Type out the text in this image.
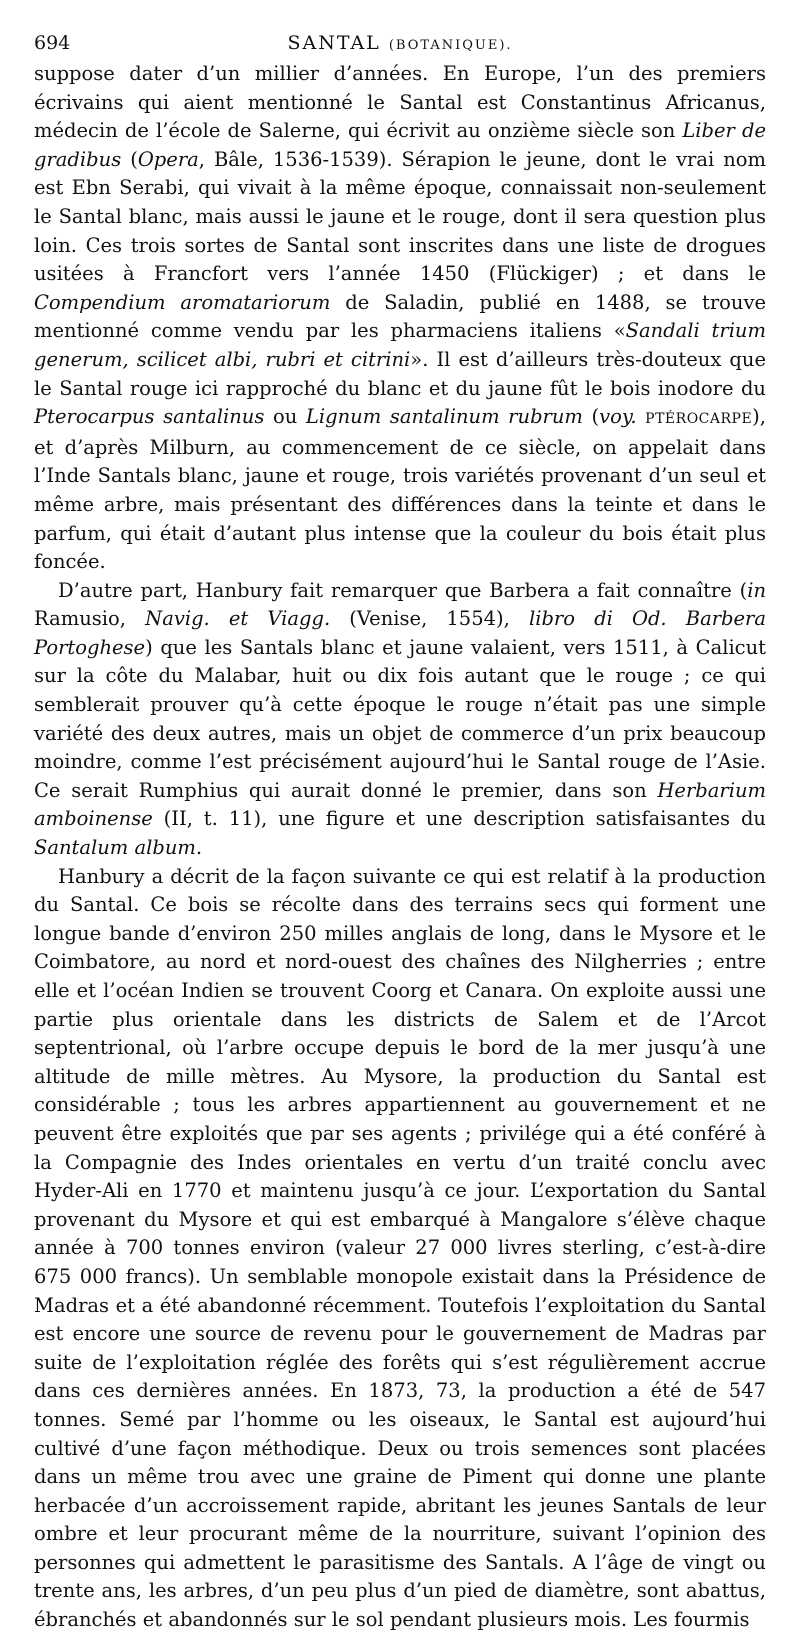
694	SANTAL (BOTANIQUE).

suppose dater d’un millier d’années. En Europe, l’un des premiers écrivains qui aient mentionné le Santal est Constantinus Africanus, médecin de l’école de Salerne, qui écrivit au onzième siècle son Liber de gradibus (Opera, Bâle, 1536-1539). Sérapion le jeune, dont le vrai nom est Ebn Serabi, qui vivait à la même époque, connaissait non-seulement le Santal blanc, mais aussi le jaune et le rouge, dont il sera question plus loin. Ces trois sortes de Santal sont inscrites dans une liste de drogues usitées à Francfort vers l’année 1450 (Flückiger) ; et dans le Compendium aromatariorum de Saladin, publié en 1488, se trouve mentionné comme vendu par les pharmaciens italiens «Sandali trium generum, scilicet albi, rubri et citrini». Il est d’ailleurs très-douteux que le Santal rouge ici rapproché du blanc et du jaune fût le bois inodore du Pterocarpus santalinus ou Lignum santalinum rubrum (voy. PTÉROCARPE), et d’après Milburn, au commencement de ce siècle, on appelait dans l’Inde Santals blanc, jaune et rouge, trois variétés provenant d’un seul et même arbre, mais présentant des différences dans la teinte et dans le parfum, qui était d’autant plus intense que la couleur du bois était plus foncée.

D’autre part, Hanbury fait remarquer que Barbera a fait connaître (in Ramusio, Navig. et Viagg. (Venise, 1554), libro di Od. Barbera Portoghese) que les Santals blanc et jaune valaient, vers 1511, à Calicut sur la côte du Malabar, huit ou dix fois autant que le rouge ; ce qui semblerait prouver qu’à cette époque le rouge n’était pas une simple variété des deux autres, mais un objet de commerce d’un prix beaucoup moindre, comme l’est précisément aujourd’hui le Santal rouge de l’Asie. Ce serait Rumphius qui aurait donné le premier, dans son Herbarium amboinense (II, t. 11), une figure et une description satisfaisantes du Santalum album.

Hanbury a décrit de la façon suivante ce qui est relatif à la production du Santal. Ce bois se récolte dans des terrains secs qui forment une longue bande d’environ 250 milles anglais de long, dans le Mysore et le Coimbatore, au nord et nord-ouest des chaînes des Nilgherries ; entre elle et l’océan Indien se trouvent Coorg et Canara. On exploite aussi une partie plus orientale dans les districts de Salem et de l’Arcot septentrional, où l’arbre occupe depuis le bord de la mer jusqu’à une altitude de mille mètres. Au Mysore, la production du Santal est considérable ; tous les arbres appartiennent au gouvernement et ne peuvent être exploités que par ses agents ; privilége qui a été conféré à la Compagnie des Indes orientales en vertu d’un traité conclu avec Hyder-Ali en 1770 et maintenu jusqu’à ce jour. L’exportation du Santal provenant du Mysore et qui est embarqué à Mangalore s’élève chaque année à 700 tonnes environ (valeur 27 000 livres sterling, c’est-à-dire 675 000 francs). Un semblable monopole existait dans la Présidence de Madras et a été abandonné récemment. Toutefois l’exploitation du Santal est encore une source de revenu pour le gouvernement de Madras par suite de l’exploitation réglée des forêts qui s’est régulièrement accrue dans ces dernières années. En 1873, 73, la production a été de 547 tonnes. Semé par l’homme ou les oiseaux, le Santal est aujourd’hui cultivé d’une façon méthodique. Deux ou trois semences sont placées dans un même trou avec une graine de Piment qui donne une plante herbacée d’un accroissement rapide, abritant les jeunes Santals de leur ombre et leur procurant même de la nourriture, suivant l’opinion des personnes qui admettent le parasitisme des Santals. A l’âge de vingt ou trente ans, les arbres, d’un peu plus d’un pied de diamètre, sont abattus, ébranchés et abandonnés sur le sol pendant plusieurs mois. Les fourmis
